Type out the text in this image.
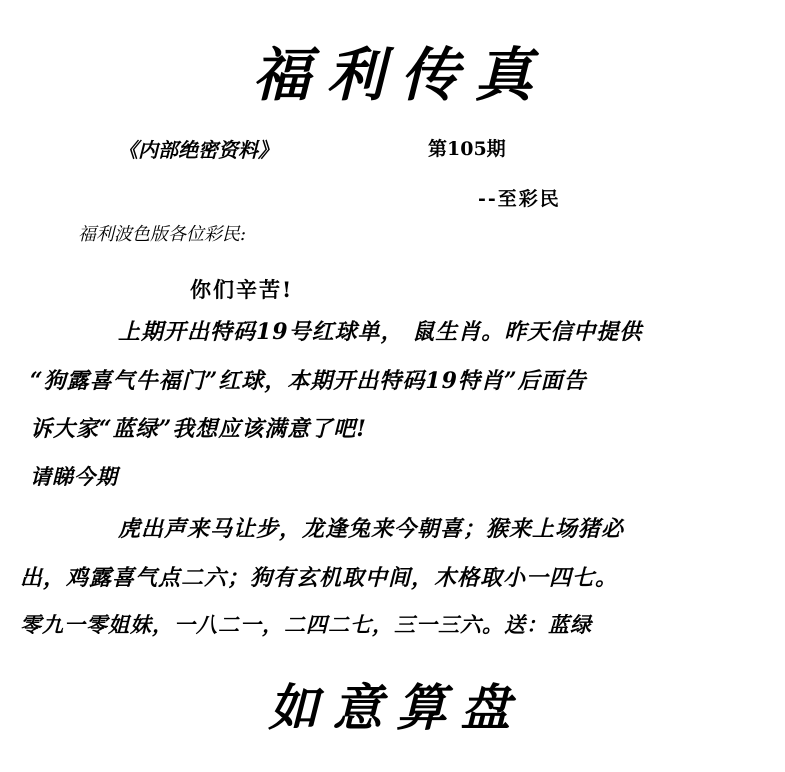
福利传真
《内部绝密资料》	第105期
--至彩民
福利波色版各位彩民:
你们辛苦!
上期开出特码19号红球单， 鼠生肖。昨天信中提供
“狗露喜气牛福门”红球，本期开出特码19特肖”后面告
诉大家“蓝绿”我想应该满意了吧!
请睇今期
虎出声来马让步，龙逢兔来今朝喜；猴来上场猪必
出，鸡露喜气点二六；狗有玄机取中间，木格取小一四七。
零九一零姐妹，一八二一，二四二七，三一三六。送：蓝绿
如意算盘
